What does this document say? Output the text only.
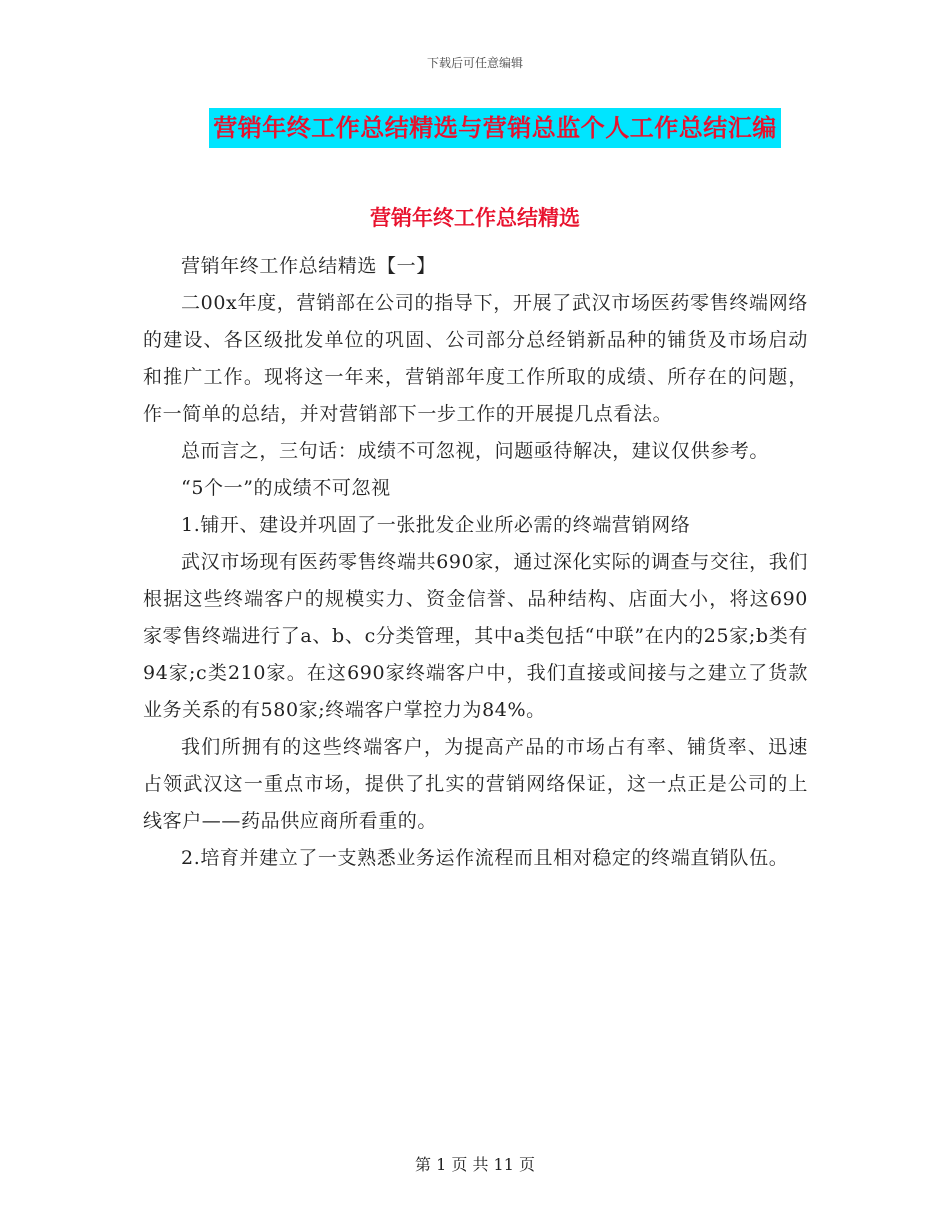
下载后可任意编辑
营销年终工作总结精选与营销总监个人工作总结汇编
营销年终工作总结精选

营销年终工作总结精选【一】

二00x年度，营销部在公司的指导下，开展了武汉市场医药零售终端网络的建设、各区级批发单位的巩固、公司部分总经销新品种的铺货及市场启动和推广工作。现将这一年来，营销部年度工作所取的成绩、所存在的问题，作一简单的总结，并对营销部下一步工作的开展提几点看法。

总而言之，三句话：成绩不可忽视，问题亟待解决，建议仅供参考。

“5个一”的成绩不可忽视

1.铺开、建设并巩固了一张批发企业所必需的终端营销网络

武汉市场现有医药零售终端共690家，通过深化实际的调查与交往，我们根据这些终端客户的规模实力、资金信誉、品种结构、店面大小，将这690家零售终端进行了a、b、c分类管理，其中a类包括“中联”在内的25家;b类有94家;c类210家。在这690家终端客户中，我们直接或间接与之建立了货款业务关系的有580家;终端客户掌控力为84%。

我们所拥有的这些终端客户，为提高产品的市场占有率、铺货率、迅速占领武汉这一重点市场，提供了扎实的营销网络保证，这一点正是公司的上线客户——药品供应商所看重的。

2.培育并建立了一支熟悉业务运作流程而且相对稳定的终端直销队伍。

第 1 页 共 11 页
